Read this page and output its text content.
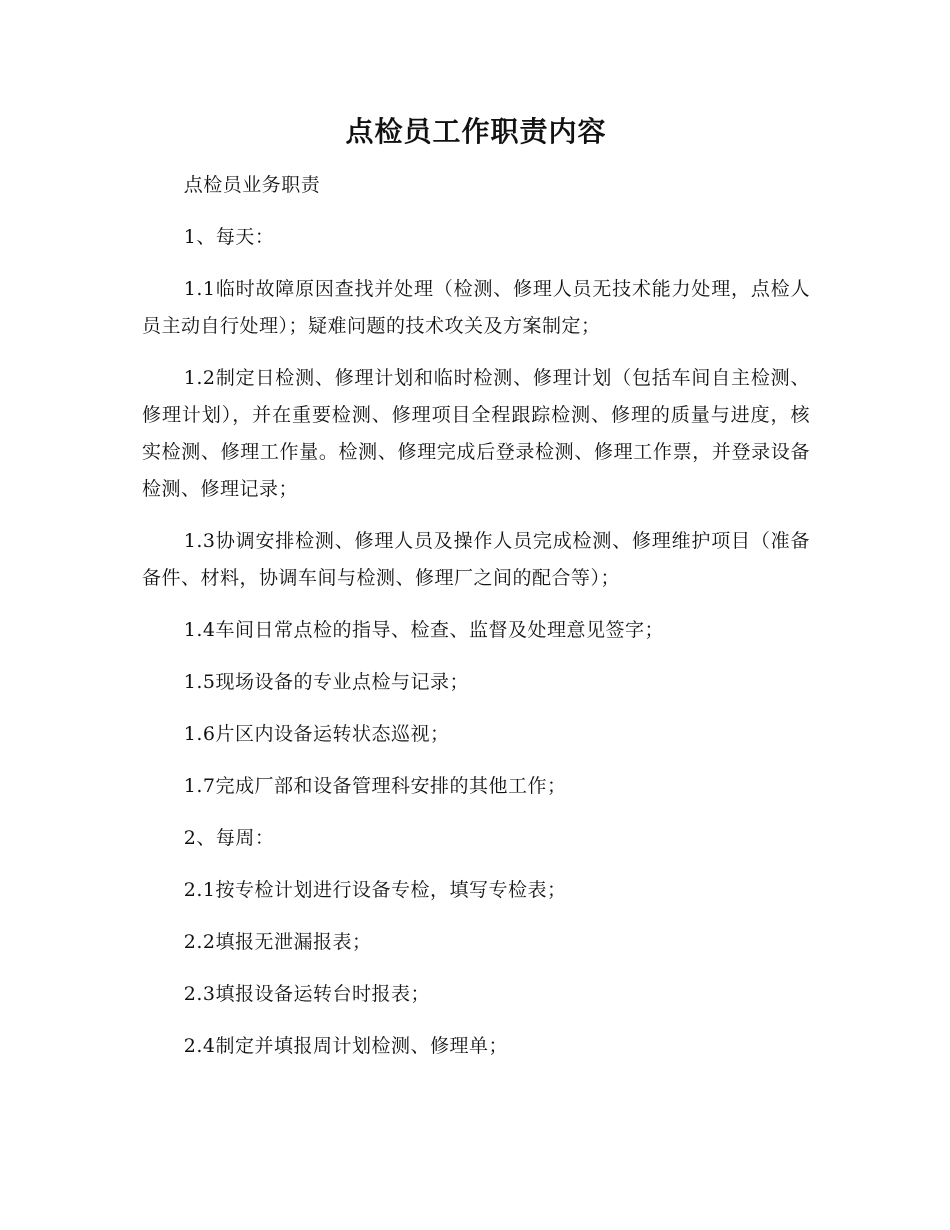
点检员工作职责内容

点检员业务职责

1、每天：

1.1临时故障原因查找并处理（检测、修理人员无技术能力处理，点检人员主动自行处理）；疑难问题的技术攻关及方案制定；

1.2制定日检测、修理计划和临时检测、修理计划（包括车间自主检测、修理计划），并在重要检测、修理项目全程跟踪检测、修理的质量与进度，核实检测、修理工作量。检测、修理完成后登录检测、修理工作票，并登录设备检测、修理记录；

1.3协调安排检测、修理人员及操作人员完成检测、修理维护项目（准备备件、材料，协调车间与检测、修理厂之间的配合等）；

1.4车间日常点检的指导、检查、监督及处理意见签字；

1.5现场设备的专业点检与记录；

1.6片区内设备运转状态巡视；

1.7完成厂部和设备管理科安排的其他工作；

2、每周：

2.1按专检计划进行设备专检，填写专检表；

2.2填报无泄漏报表；

2.3填报设备运转台时报表；

2.4制定并填报周计划检测、修理单；
